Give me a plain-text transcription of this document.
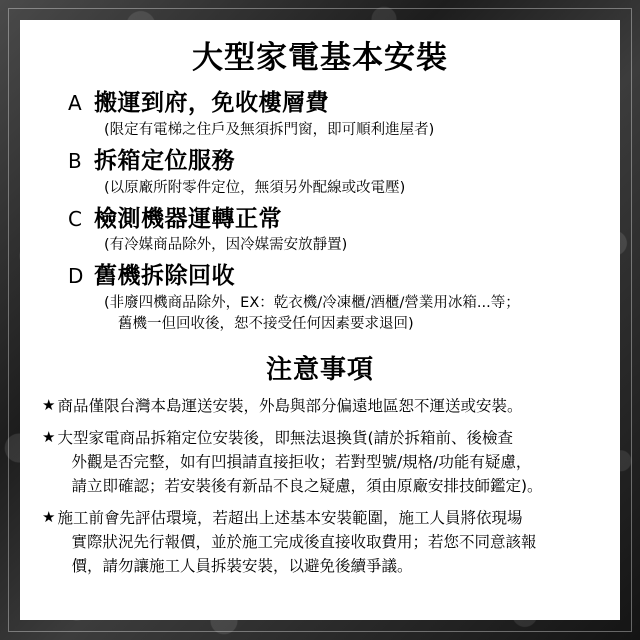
大型家電基本安裝
A 搬運到府，免收樓層費
(限定有電梯之住戶及無須拆門窗，即可順利進屋者)
B 拆箱定位服務
(以原廠所附零件定位，無須另外配線或改電壓)
C 檢測機器運轉正常
(有冷媒商品除外，因冷媒需安放靜置)
D 舊機拆除回收
(非廢四機商品除外，EX：乾衣機/冷凍櫃/酒櫃/營業用冰箱...等；
舊機一但回收後，恕不接受任何因素要求退回)
注意事項
★ 商品僅限台灣本島運送安裝，外島與部分偏遠地區恕不運送或安裝。
★ 大型家電商品拆箱定位安裝後，即無法退換貨(請於拆箱前、後檢查
外觀是否完整，如有凹損請直接拒收；若對型號/規格/功能有疑慮，
請立即確認；若安裝後有新品不良之疑慮，須由原廠安排技師鑑定)。
★ 施工前會先評估環境，若超出上述基本安裝範圍，施工人員將依現場
實際狀況先行報價，並於施工完成後直接收取費用；若您不同意該報
價，請勿讓施工人員拆裝安裝，以避免後續爭議。
